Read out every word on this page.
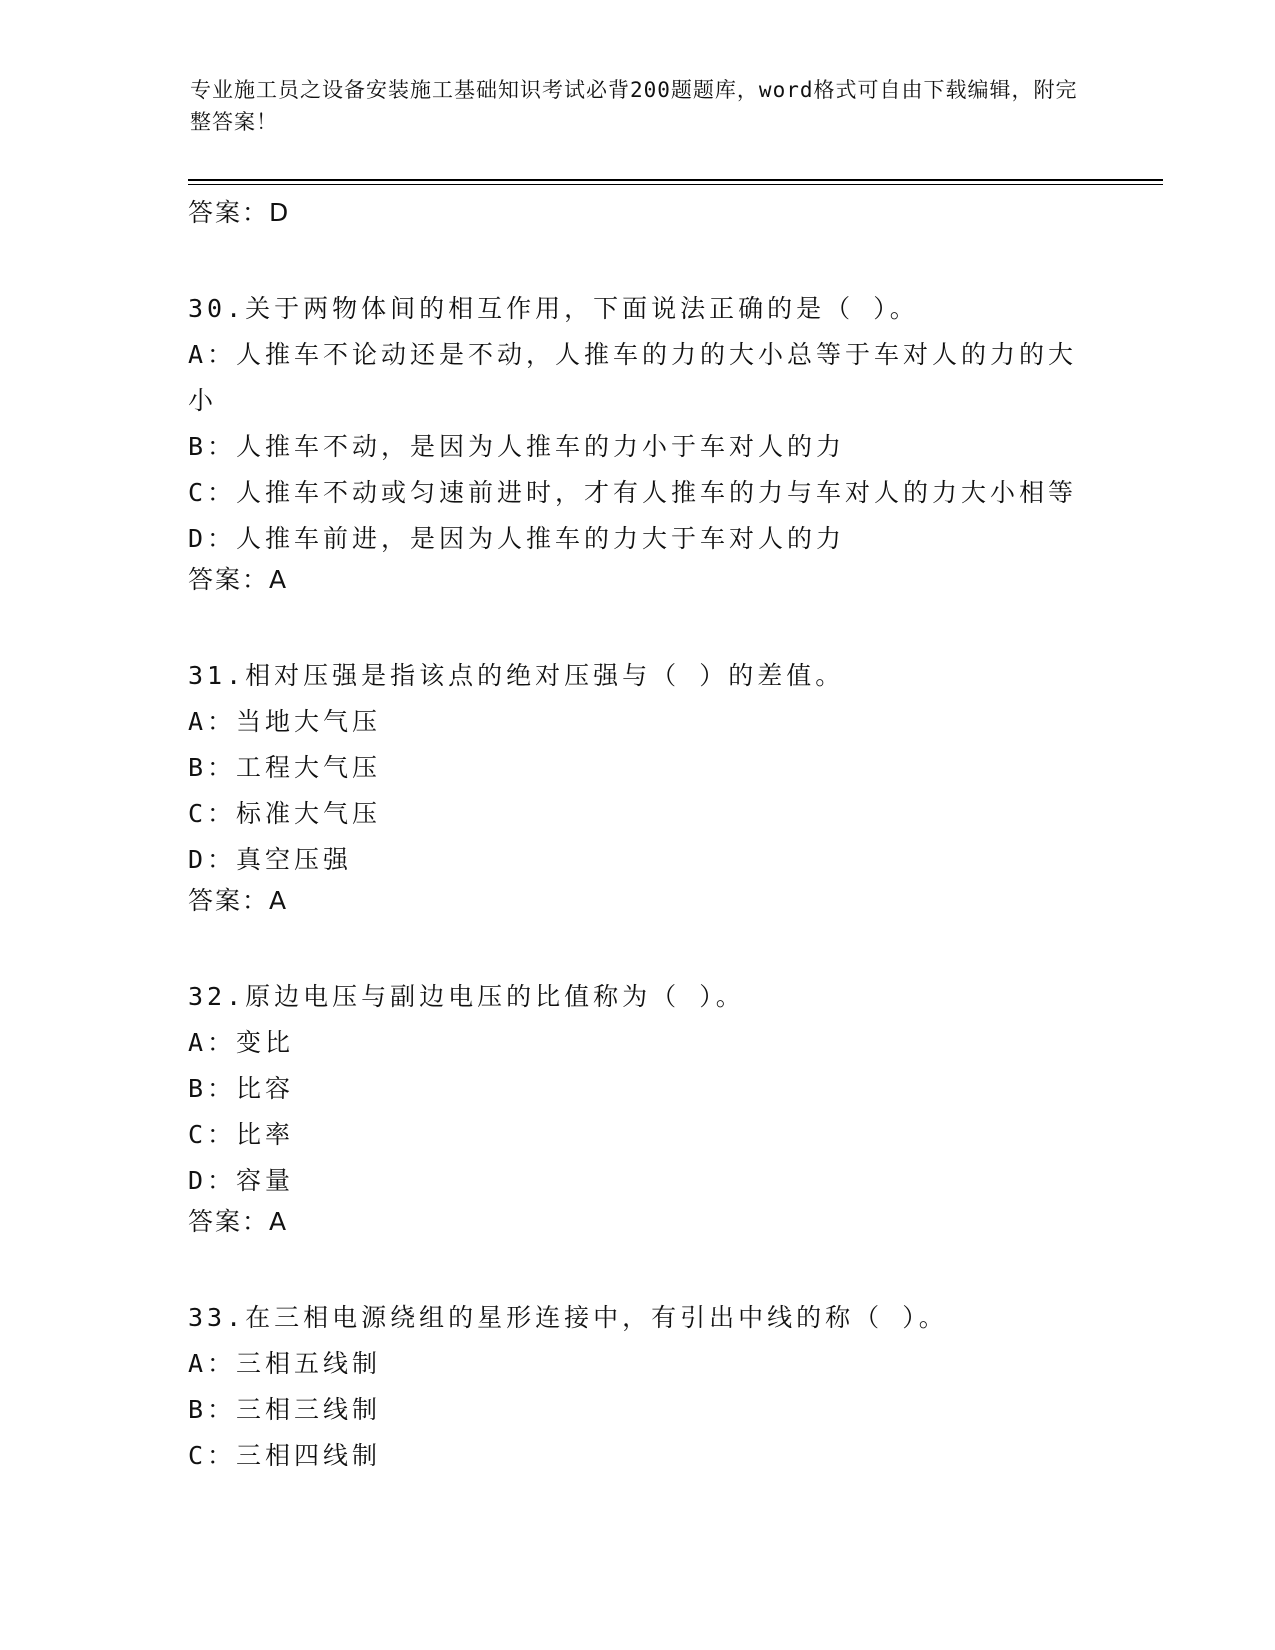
专业施工员之设备安装施工基础知识考试必背200题题库，word格式可自由下载编辑，附完整答案！
答案：D
30.关于两物体间的相互作用，下面说法正确的是（ ）。
A：人推车不论动还是不动，人推车的力的大小总等于车对人的力的大小
B：人推车不动，是因为人推车的力小于车对人的力
C：人推车不动或匀速前进时，才有人推车的力与车对人的力大小相等
D：人推车前进，是因为人推车的力大于车对人的力
答案：A
31.相对压强是指该点的绝对压强与（ ）的差值。
A：当地大气压
B：工程大气压
C：标准大气压
D：真空压强
答案：A
32.原边电压与副边电压的比值称为（ ）。
A：变比
B：比容
C：比率
D：容量
答案：A
33.在三相电源绕组的星形连接中，有引出中线的称（ ）。
A：三相五线制
B：三相三线制
C：三相四线制
